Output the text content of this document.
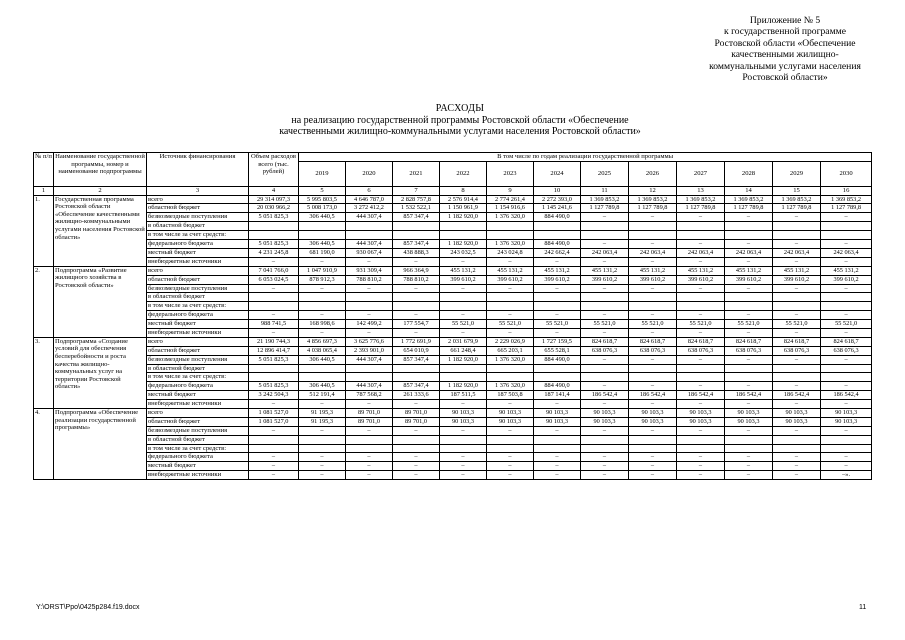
Приложение № 5
к государственной программе
Ростовской области «Обеспечение
качественными жилищно-
коммунальными услугами населения
Ростовской области»
РАСХОДЫ
на реализацию государственной программы Ростовской области «Обеспечение
качественными жилищно-коммунальными услугами населения Ростовской области»
№ п/п	Наименование государственной программы, номер и наименование подпрограммы	Источник финансирования	Объем расходов всего (тыс. рублей)	В том числе по годам реализации государственной программы											
				2019	2020	2021	2022	2023	2024	2025	2026	2027	2028	2029	2030
1	2	3	4	5	6	7	8	9	10	11	12	13	14	15	16
1.	Государственная программа Ростовской области «Обеспечение качественными жилищно-коммунальными услугами населения Ростовской области»	всего	29 314 097,3	5 995 803,5	4 646 787,0	2 828 757,8	2 576 914,4	2 774 261,4	2 272 393,0	1 369 853,2	1 369 853,2	1 369 853,2	1 369 853,2	1 369 853,2	1 369 853,2
		областной бюджет	20 030 966,2	5 008 173,0	3 272 412,2	1 532 522,1	1 150 961,9	1 154 916,6	1 145 241,6	1 127 789,8	1 127 789,8	1 127 789,8	1 127 789,8	1 127 789,8	1 127 789,8
		безвозмездные поступления	5 051 825,3	306 440,5	444 307,4	857 347,4	1 182 920,0	1 376 320,0	884 490,0	–	–	–	–	–	–
		в областной бюджет													
		в том числе за счет средств:													
		федерального бюджета	5 051 825,3	306 440,5	444 307,4	857 347,4	1 182 920,0	1 376 320,0	884 490,0	–	–	–	–	–	–
		местный бюджет	4 231 245,8	681 190,0	930 067,4	438 888,3	243 032,5	243 024,8	242 662,4	242 063,4	242 063,4	242 063,4	242 063,4	242 063,4	242 063,4
		внебюджетные источники	–	–	–	–	–	–	–	–	–	–	–	–	–
2.	Подпрограмма «Развитие жилищного хозяйства в Ростовской области»	всего	7 041 766,0	1 047 910,9	931 309,4	966 364,9	455 131,2	455 131,2	455 131,2	455 131,2	455 131,2	455 131,2	455 131,2	455 131,2	455 131,2
		областной бюджет	6 053 024,5	878 912,3	788 810,2	788 810,2	399 610,2	399 610,2	399 610,2	399 610,2	399 610,2	399 610,2	399 610,2	399 610,2	399 610,2
		безвозмездные поступления	–	–	–	–	–	–	–	–	–	–	–	–	–
		в областной бюджет													
		в том числе за счет средств:													
		федерального бюджета	–	–	–	–	–	–	–	–	–	–	–	–	–
		местный бюджет	988 741,5	168 998,6	142 499,2	177 554,7	55 521,0	55 521,0	55 521,0	55 521,0	55 521,0	55 521,0	55 521,0	55 521,0	55 521,0
		внебюджетные источники	–	–	–	–	–	–	–	–	–	–	–	–	–
3.	Подпрограмма «Создание условий для обеспечения бесперебойности и роста качества жилищно-коммунальных услуг на территории Ростовской области»	всего	21 190 744,3	4 856 697,3	3 625 776,6	1 772 691,9	2 031 679,9	2 229 026,9	1 727 159,5	824 618,7	824 618,7	824 618,7	824 618,7	824 618,7	824 618,7
		областной бюджет	12 896 414,7	4 038 065,4	2 393 901,0	654 010,9	661 248,4	665 203,1	655 528,1	638 076,3	638 076,3	638 076,3	638 076,3	638 076,3	638 076,3
		безвозмездные поступления	5 051 825,3	306 440,5	444 307,4	857 347,4	1 182 920,0	1 376 320,0	884 490,0	–	–	–	–	–	–
		в областной бюджет													
		в том числе за счет средств:													
		федерального бюджета	5 051 825,3	306 440,5	444 307,4	857 347,4	1 182 920,0	1 376 320,0	884 490,0	–	–	–	–	–	–
		местный бюджет	3 242 504,3	512 191,4	787 568,2	261 333,6	187 511,5	187 503,8	187 141,4	186 542,4	186 542,4	186 542,4	186 542,4	186 542,4	186 542,4
		внебюджетные источники	–	–	–	–	–	–	–	–	–	–	–	–	–
4.	Подпрограмма «Обеспечение реализации государственной программы»	всего	1 081 527,0	91 195,3	89 701,0	89 701,0	90 103,3	90 103,3	90 103,3	90 103,3	90 103,3	90 103,3	90 103,3	90 103,3	90 103,3
		областной бюджет	1 081 527,0	91 195,3	89 701,0	89 701,0	90 103,3	90 103,3	90 103,3	90 103,3	90 103,3	90 103,3	90 103,3	90 103,3	90 103,3
		безвозмездные поступления	–	–	–	–	–	–	–	–	–	–	–	–	–
		в областной бюджет													
		в том числе за счет средств:													
		федерального бюджета	–	–	–	–	–	–	–	–	–	–	–	–	–
		местный бюджет	–	–	–	–	–	–	–	–	–	–	–	–	–
		внебюджетные источники	–	–	–	–	–	–	–	–	–	–	–	–	–».
Y:\ORST\Ppo\0425p284.f19.docx	11
